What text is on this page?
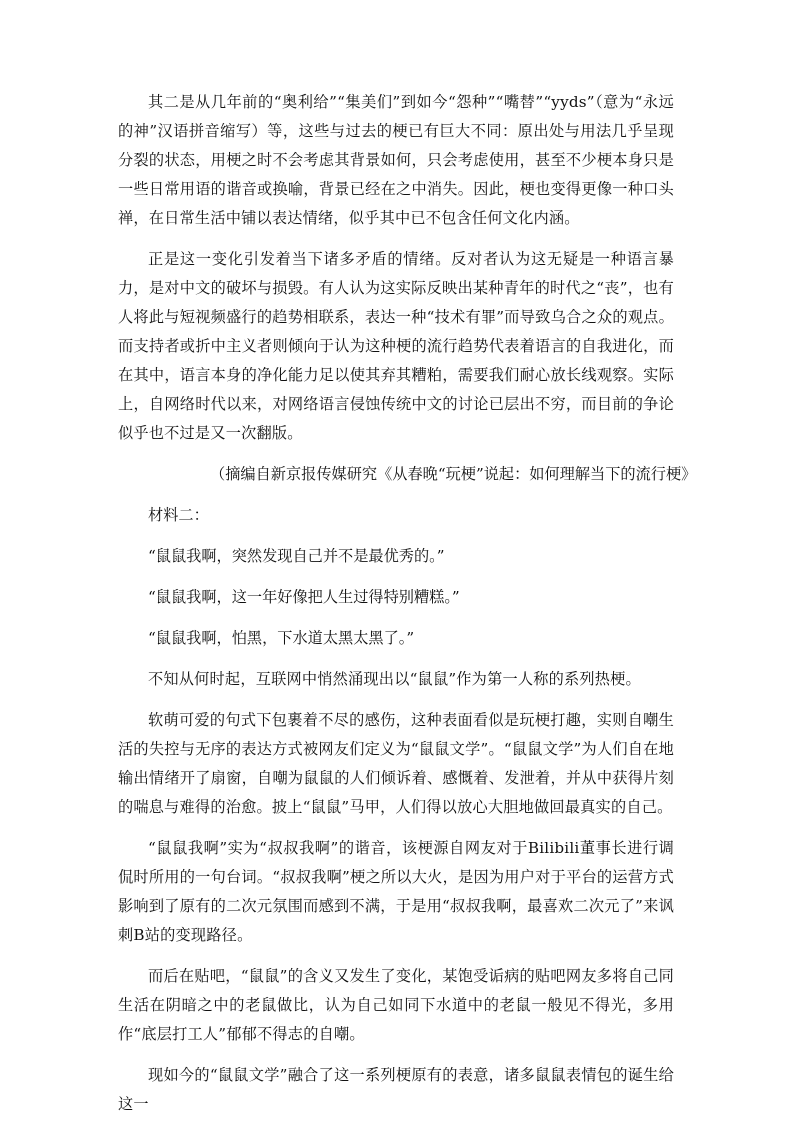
其二是从几年前的“奥利给”“集美们”到如今“怨种”“嘴替”“yyds”（意为“永远的神”汉语拼音缩写）等，这些与过去的梗已有巨大不同：原出处与用法几乎呈现分裂的状态，用梗之时不会考虑其背景如何，只会考虑使用，甚至不少梗本身只是一些日常用语的谐音或换喻，背景已经在之中消失。因此，梗也变得更像一种口头禅，在日常生活中铺以表达情绪，似乎其中已不包含任何文化内涵。

正是这一变化引发着当下诸多矛盾的情绪。反对者认为这无疑是一种语言暴力，是对中文的破坏与损毁。有人认为这实际反映出某种青年的时代之“丧”，也有人将此与短视频盛行的趋势相联系，表达一种“技术有罪”而导致乌合之众的观点。而支持者或折中主义者则倾向于认为这种梗的流行趋势代表着语言的自我进化，而在其中，语言本身的净化能力足以使其弃其糟粕，需要我们耐心放长线观察。实际上，自网络时代以来，对网络语言侵蚀传统中文的讨论已层出不穷，而目前的争论似乎也不过是又一次翻版。

（摘编自新京报传媒研究《从春晚“玩梗”说起：如何理解当下的流行梗》

材料二：

“鼠鼠我啊，突然发现自己并不是最优秀的。”

“鼠鼠我啊，这一年好像把人生过得特别糟糕。”

“鼠鼠我啊，怕黑，下水道太黑太黑了。”

不知从何时起，互联网中悄然涌现出以“鼠鼠”作为第一人称的系列热梗。

软萌可爱的句式下包裹着不尽的感伤，这种表面看似是玩梗打趣，实则自嘲生活的失控与无序的表达方式被网友们定义为“鼠鼠文学”。“鼠鼠文学”为人们自在地输出情绪开了扇窗，自嘲为鼠鼠的人们倾诉着、感慨着、发泄着，并从中获得片刻的喘息与难得的治愈。披上“鼠鼠”马甲，人们得以放心大胆地做回最真实的自己。

“鼠鼠我啊”实为“叔叔我啊”的谐音，该梗源自网友对于Bilibili董事长进行调侃时所用的一句台词。“叔叔我啊”梗之所以大火，是因为用户对于平台的运营方式影响到了原有的二次元氛围而感到不满，于是用“叔叔我啊，最喜欢二次元了”来讽刺B站的变现路径。

而后在贴吧，“鼠鼠”的含义又发生了变化，某饱受诟病的贴吧网友多将自己同生活在阴暗之中的老鼠做比，认为自己如同下水道中的老鼠一般见不得光，多用作“底层打工人”郁郁不得志的自嘲。

现如今的“鼠鼠文学”融合了这一系列梗原有的表意，诸多鼠鼠表情包的诞生给这一
